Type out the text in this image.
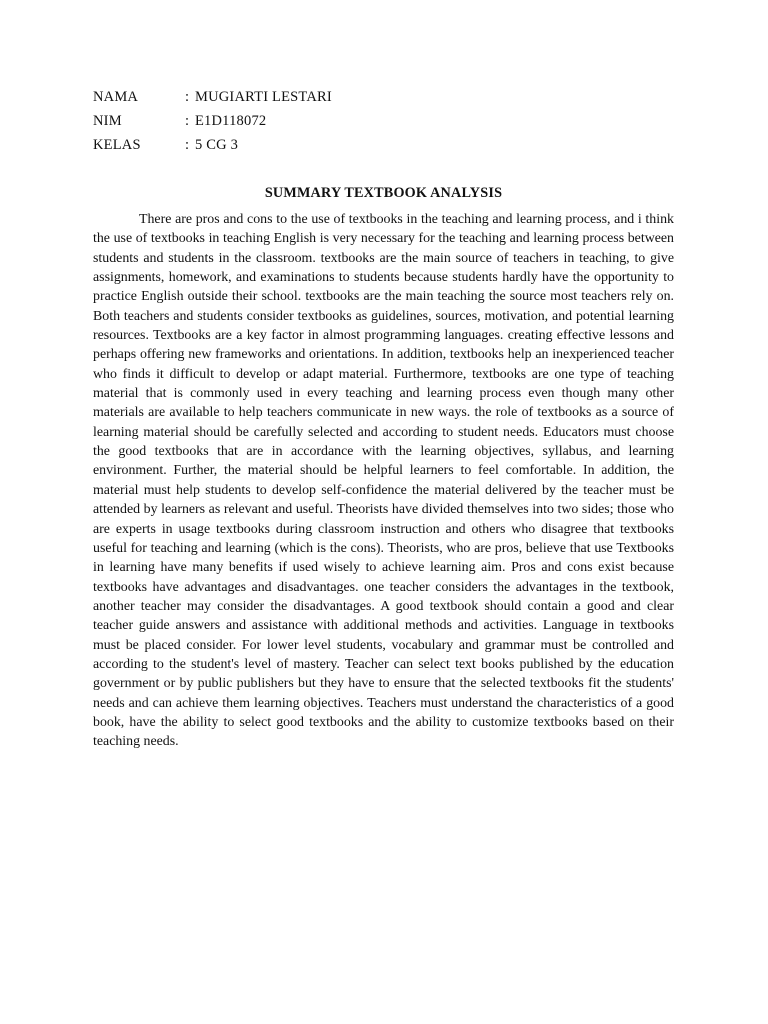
NAMA	: MUGIARTI LESTARI
NIM	: E1D118072
KELAS	: 5 CG 3
SUMMARY TEXTBOOK ANALYSIS

There are pros and cons to the use of textbooks in the teaching and learning process, and i think the use of textbooks in teaching English is very necessary for the teaching and learning process between students and students in the classroom. textbooks are the main source of teachers in teaching, to give assignments, homework, and examinations to students because students hardly have the opportunity to practice English outside their school. textbooks are the main teaching the source most teachers rely on. Both teachers and students consider textbooks as guidelines, sources, motivation, and potential learning resources. Textbooks are a key factor in almost programming languages. creating effective lessons and perhaps offering new frameworks and orientations. In addition, textbooks help an inexperienced teacher who finds it difficult to develop or adapt material. Furthermore, textbooks are one type of teaching material that is commonly used in every teaching and learning process even though many other materials are available to help teachers communicate in new ways. the role of textbooks as a source of learning material should be carefully selected and according to student needs. Educators must choose the good textbooks that are in accordance with the learning objectives, syllabus, and learning environment. Further, the material should be helpful learners to feel comfortable. In addition, the material must help students to develop self-confidence the material delivered by the teacher must be attended by learners as relevant and useful. Theorists have divided themselves into two sides; those who are experts in usage textbooks during classroom instruction and others who disagree that textbooks useful for teaching and learning (which is the cons). Theorists, who are pros, believe that use Textbooks in learning have many benefits if used wisely to achieve learning aim. Pros and cons exist because textbooks have advantages and disadvantages. one teacher considers the advantages in the textbook, another teacher may consider the disadvantages. A good textbook should contain a good and clear teacher guide answers and assistance with additional methods and activities. Language in textbooks must be placed consider. For lower level students, vocabulary and grammar must be controlled and according to the student's level of mastery. Teacher can select text books published by the education government or by public publishers but they have to ensure that the selected textbooks fit the students' needs and can achieve them learning objectives. Teachers must understand the characteristics of a good book, have the ability to select good textbooks and the ability to customize textbooks based on their teaching needs.
